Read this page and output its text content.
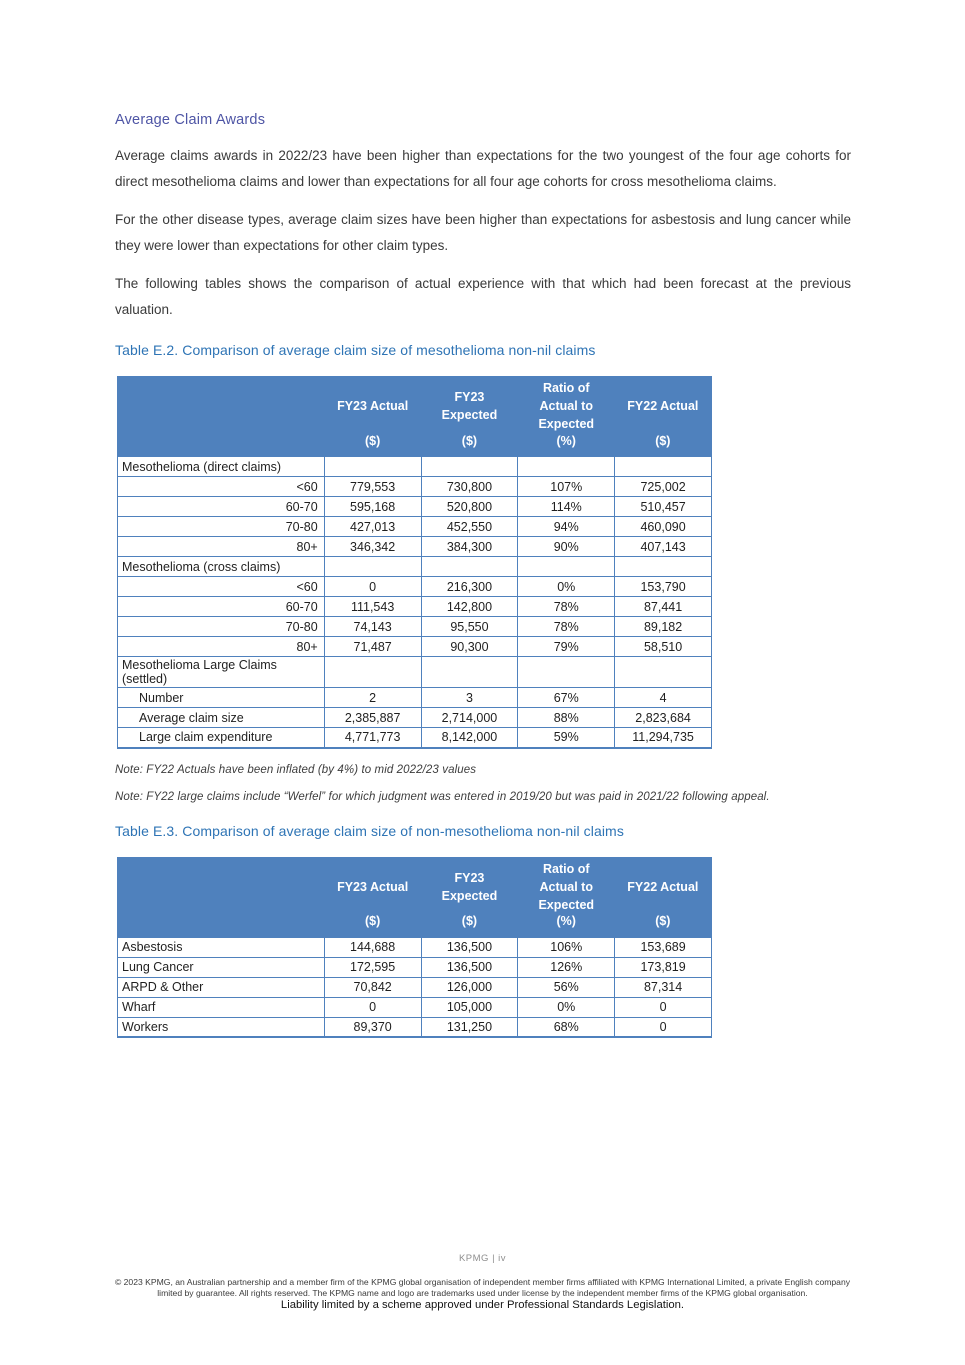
Average Claim Awards

Average claims awards in 2022/23 have been higher than expectations for the two youngest of the four age cohorts for direct mesothelioma claims and lower than expectations for all four age cohorts for cross mesothelioma claims.

For the other disease types, average claim sizes have been higher than expectations for asbestosis and lung cancer while they were lower than expectations for other claim types.

The following tables shows the comparison of actual experience with that which had been forecast at the previous valuation.

Table E.2. Comparison of average claim size of mesothelioma non-nil claims
	FY23 Actual	FY23 Expected	Ratio of Actual to Expected	FY22 Actual
	($)	($)	(%)	($)
Mesothelioma (direct claims)				
<60	779,553	730,800	107%	725,002
60-70	595,168	520,800	114%	510,457
70-80	427,013	452,550	94%	460,090
80+	346,342	384,300	90%	407,143
Mesothelioma (cross claims)				
<60	0	216,300	0%	153,790
60-70	111,543	142,800	78%	87,441
70-80	74,143	95,550	78%	89,182
80+	71,487	90,300	79%	58,510
Mesothelioma Large Claims (settled)				
Number	2	3	67%	4
Average claim size	2,385,887	2,714,000	88%	2,823,684
Large claim expenditure	4,771,773	8,142,000	59%	11,294,735

Note: FY22 Actuals have been inflated (by 4%) to mid 2022/23 values

Note: FY22 large claims include “Werfel” for which judgment was entered in 2019/20 but was paid in 2021/22 following appeal.

Table E.3. Comparison of average claim size of non-mesothelioma non-nil claims
	FY23 Actual	FY23 Expected	Ratio of Actual to Expected	FY22 Actual
	($)	($)	(%)	($)
Asbestosis	144,688	136,500	106%	153,689
Lung Cancer	172,595	136,500	126%	173,819
ARPD & Other	70,842	126,000	56%	87,314
Wharf	0	105,000	0%	0
Workers	89,370	131,250	68%	0
KPMG | iv
© 2023 KPMG, an Australian partnership and a member firm of the KPMG global organisation of independent member firms affiliated with KPMG International Limited, a private English company limited by guarantee. All rights reserved. The KPMG name and logo are trademarks used under license by the independent member firms of the KPMG global organisation.
Liability limited by a scheme approved under Professional Standards Legislation.
